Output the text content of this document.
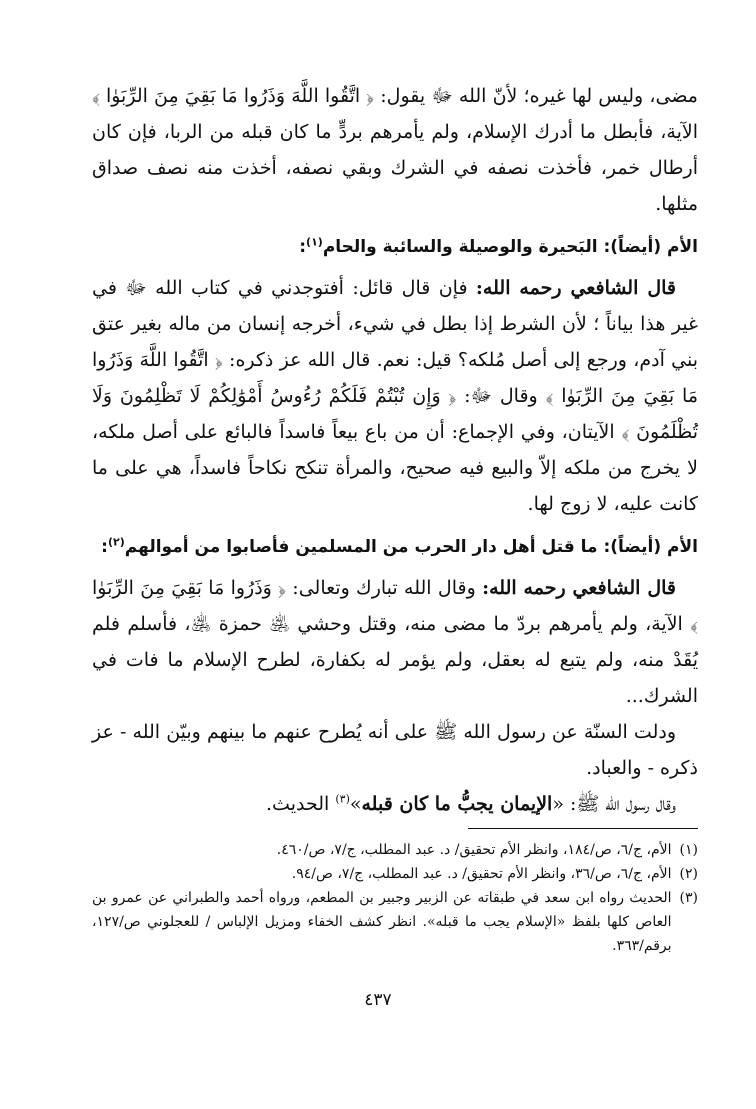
مضى، وليس لها غيره؛ لأنّ الله ﷻ يقول: ﴿ اتَّقُوا اللَّهَ وَذَرُوا مَا بَقِيَ مِنَ الرِّبَوٰا ﴾ الآية، فأبطل ما أدرك الإسلام، ولم يأمرهم بردٍّ ما كان قبله من الربا، فإن كان أرطال خمر، فأخذت نصفه في الشرك وبقي نصفه، أخذت منه نصف صداق مثلها.

الأم (أيضاً): البَحيرة والوصيلة والسائبة والحام$^{(١)}$:

قال الشافعي رحمه الله: فإن قال قائل: أفتوجدني في كتاب الله ﷻ في غير هذا بياناً ؛ لأن الشرط إذا بطل في شيء، أخرجه إنسان من ماله بغير عتق بني آدم، ورجع إلى أصل مُلكه؟ قيل: نعم. قال الله عز ذكره: ﴿ اتَّقُوا اللَّهَ وَذَرُوا مَا بَقِيَ مِنَ الرِّبَوٰا ﴾ وقال ﷻ: ﴿ وَإِن تُبْتُمْ فَلَكُمْ رُءُوسُ أَمْوَٰلِكُمْ لَا تَظْلِمُونَ وَلَا تُظْلَمُونَ ﴾ الآيتان، وفي الإجماع: أن من باع بيعاً فاسداً فالبائع على أصل ملكه، لا يخرج من ملكه إلاّ والبيع فيه صحيح، والمرأة تنكح نكاحاً فاسداً، هي على ما كانت عليه، لا زوج لها.

الأم (أيضاً): ما قتل أهل دار الحرب من المسلمين فأصابوا من أموالهم$^{(٢)}$:

قال الشافعي رحمه الله: وقال الله تبارك وتعالى: ﴿ وَذَرُوا مَا بَقِيَ مِنَ الرِّبَوٰا ﴾ الآية، ولم يأمرهم بردّ ما مضى منه، وقتل وحشي ﵁ حمزة ﵁، فأسلم فلم يُقَدْ منه، ولم يتبع له بعقل، ولم يؤمر له بكفارة، لطرح الإسلام ما فات في الشرك...

ودلت السنّة عن رسول الله ﷺ على أنه يُطرح عنهم ما بينهم وبيّن الله - عز ذكره - والعباد.

وقال رسول الله ﷺ: «الإيمان يجبُّ ما كان قبله»$^{(٣)}$ الحديث.

(١)
الأم، ج/٦، ص/١٨٤، وانظر الأم تحقيق/ د. عبد المطلب، ج/٧، ص/٤٦٠.
(٢)
الأم، ج/٦، ص/٣٦، وانظر الأم تحقيق/ د. عبد المطلب، ج/٧، ص/٩٤.
(٣)
الحديث رواه ابن سعد في طبقاته عن الزبير وجبير بن المطعم، ورواه أحمد والطبراني عن عمرو بن العاص كلها بلفظ «الإسلام يجب ما قبله». انظر كشف الخفاء ومزيل الإلباس / للعجلوني ص/١٢٧، برقم/٣٦٣.
٤٣٧
